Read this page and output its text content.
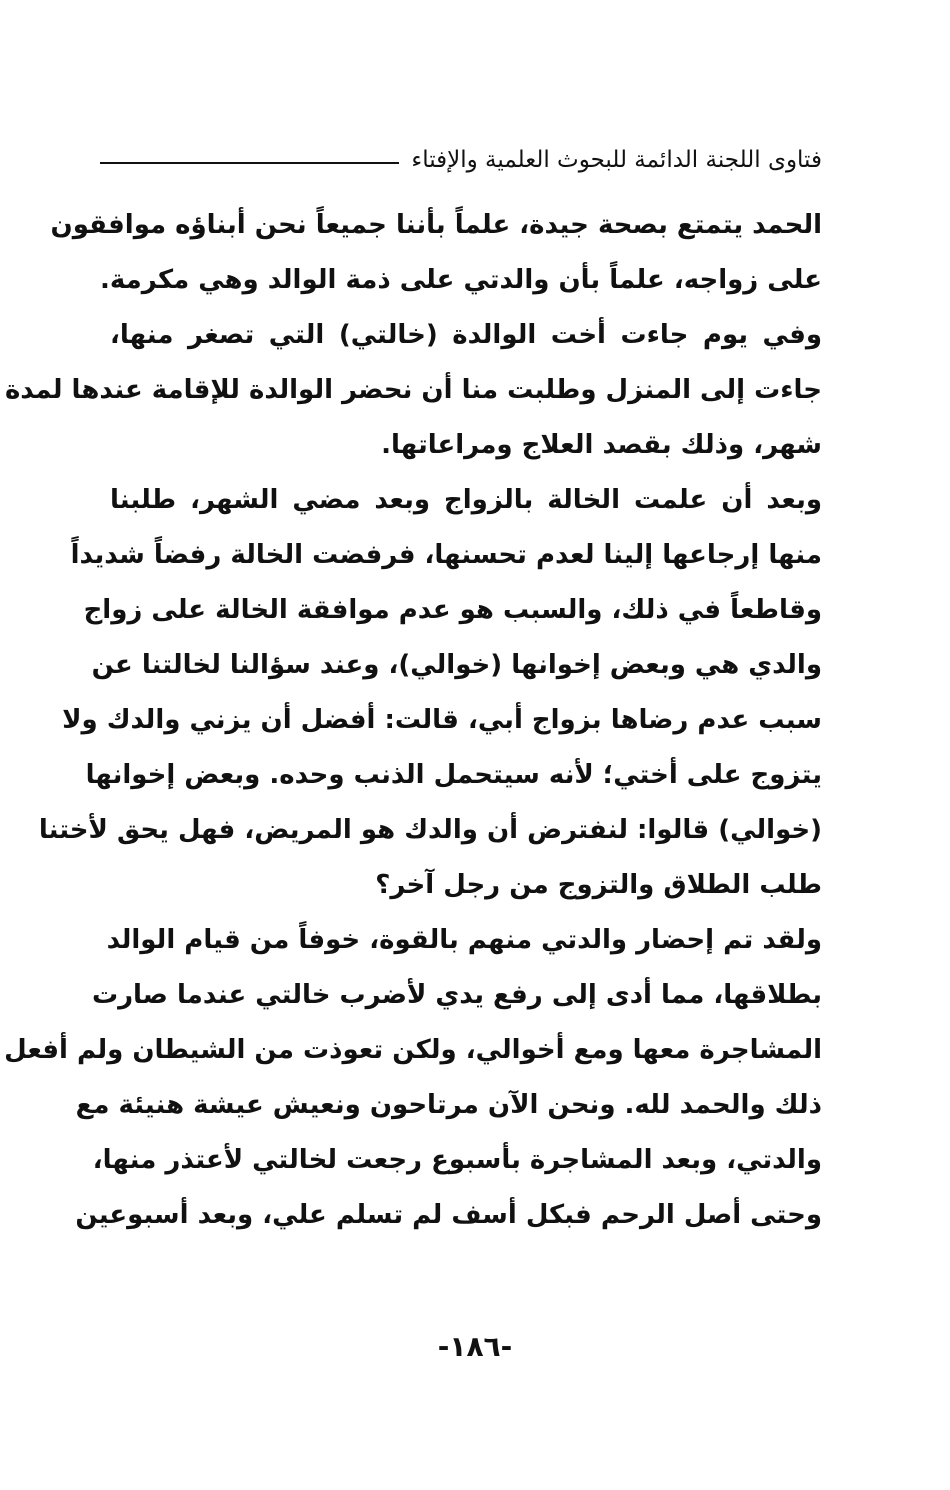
فتاوى اللجنة الدائمة للبحوث العلمية والإفتاء
الحمد يتمتع بصحة جيدة، علماً بأننا جميعاً نحن أبناؤه موافقون
على زواجه، علماً بأن والدتي على ذمة الوالد وهي مكرمة.
وفي يوم جاءت أخت الوالدة (خالتي) التي تصغر منها،
جاءت إلى المنزل وطلبت منا أن نحضر الوالدة للإقامة عندها لمدة
شهر، وذلك بقصد العلاج ومراعاتها.
وبعد أن علمت الخالة بالزواج وبعد مضي الشهر، طلبنا
منها إرجاعها إلينا لعدم تحسنها، فرفضت الخالة رفضاً شديداً
وقاطعاً في ذلك، والسبب هو عدم موافقة الخالة على زواج
والدي هي وبعض إخوانها (خوالي)، وعند سؤالنا لخالتنا عن
سبب عدم رضاها بزواج أبي، قالت: أفضل أن يزني والدك ولا
يتزوج على أختي؛ لأنه سيتحمل الذنب وحده. وبعض إخوانها
(خوالي) قالوا: لنفترض أن والدك هو المريض، فهل يحق لأختنا
طلب الطلاق والتزوج من رجل آخر؟
ولقد تم إحضار والدتي منهم بالقوة، خوفاً من قيام الوالد
بطلاقها، مما أدى إلى رفع يدي لأضرب خالتي عندما صارت
المشاجرة معها ومع أخوالي، ولكن تعوذت من الشيطان ولم أفعل
ذلك والحمد لله. ونحن الآن مرتاحون ونعيش عيشة هنيئة مع
والدتي، وبعد المشاجرة بأسبوع رجعت لخالتي لأعتذر منها،
وحتى أصل الرحم فبكل أسف لم تسلم علي، وبعد أسبوعين
-١٨٦-
